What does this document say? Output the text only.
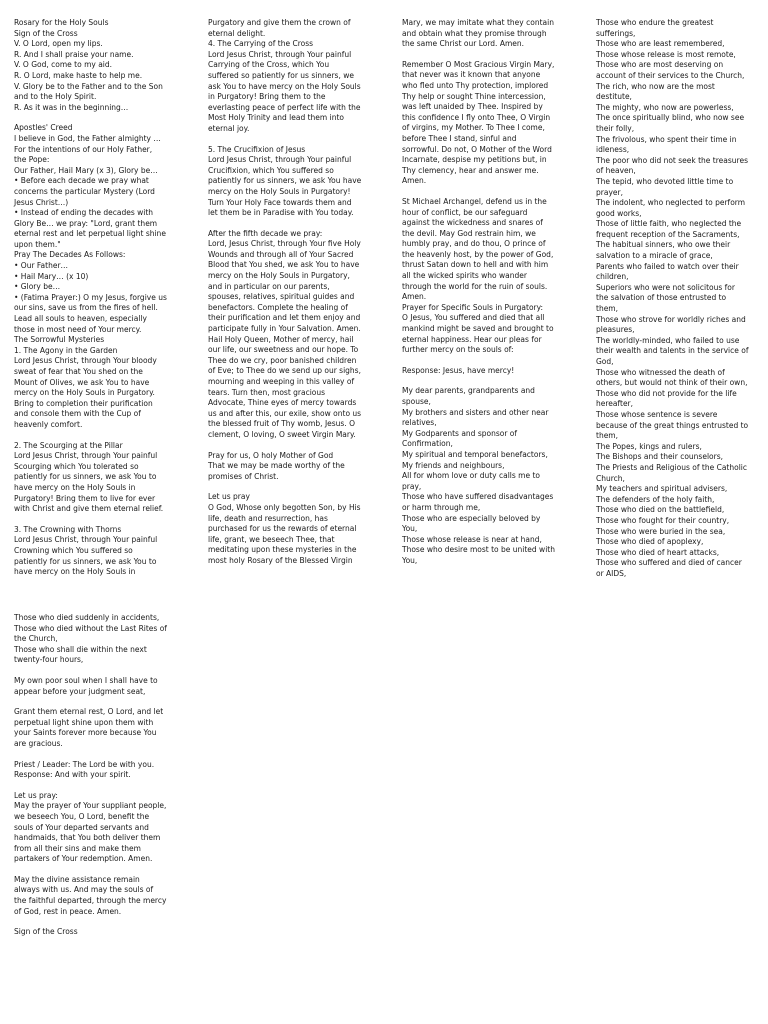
Rosary for the Holy Souls
Sign of the Cross
V. O Lord, open my lips.
R. And I shall praise your name.
V. O God, come to my aid.
R. O Lord, make haste to help me.
V. Glory be to the Father and to the Son
and to the Holy Spirit.
R. As it was in the beginning…

Apostles' Creed
I believe in God, the Father almighty …
For the intentions of our Holy Father,
the Pope:
Our Father, Hail Mary (x 3), Glory be…
• Before each decade we pray what
concerns the particular Mystery (Lord
Jesus Christ…)
• Instead of ending the decades with
Glory Be… we pray: "Lord, grant them
eternal rest and let perpetual light shine
upon them."
Pray The Decades As Follows:
• Our Father…
• Hail Mary… (x 10)
• Glory be…
• (Fatima Prayer:) O my Jesus, forgive us
our sins, save us from the fires of hell.
Lead all souls to heaven, especially
those in most need of Your mercy.
The Sorrowful Mysteries
1. The Agony in the Garden
Lord Jesus Christ, through Your bloody
sweat of fear that You shed on the
Mount of Olives, we ask You to have
mercy on the Holy Souls in Purgatory.
Bring to completion their purification
and console them with the Cup of
heavenly comfort.

2. The Scourging at the Pillar
Lord Jesus Christ, through Your painful
Scourging which You tolerated so
patiently for us sinners, we ask You to
have mercy on the Holy Souls in
Purgatory! Bring them to live for ever
with Christ and give them eternal relief.

3. The Crowning with Thorns
Lord Jesus Christ, through Your painful
Crowning which You suffered so
patiently for us sinners, we ask You to
have mercy on the Holy Souls in

Purgatory and give them the crown of
eternal delight.
4. The Carrying of the Cross
Lord Jesus Christ, through Your painful
Carrying of the Cross, which You
suffered so patiently for us sinners, we
ask You to have mercy on the Holy Souls
in Purgatory! Bring them to the
everlasting peace of perfect life with the
Most Holy Trinity and lead them into
eternal joy.

5. The Crucifixion of Jesus
Lord Jesus Christ, through Your painful
Crucifixion, which You suffered so
patiently for us sinners, we ask You have
mercy on the Holy Souls in Purgatory!
Turn Your Holy Face towards them and
let them be in Paradise with You today.

After the fifth decade we pray:
Lord, Jesus Christ, through Your five Holy
Wounds and through all of Your Sacred
Blood that You shed, we ask You to have
mercy on the Holy Souls in Purgatory,
and in particular on our parents,
spouses, relatives, spiritual guides and
benefactors. Complete the healing of
their purification and let them enjoy and
participate fully in Your Salvation. Amen.
Hail Holy Queen, Mother of mercy, hail
our life, our sweetness and our hope. To
Thee do we cry, poor banished children
of Eve; to Thee do we send up our sighs,
mourning and weeping in this valley of
tears. Turn then, most gracious
Advocate, Thine eyes of mercy towards
us and after this, our exile, show onto us
the blessed fruit of Thy womb, Jesus. O
clement, O loving, O sweet Virgin Mary.

Pray for us, O holy Mother of God
That we may be made worthy of the
promises of Christ.

Let us pray
O God, Whose only begotten Son, by His
life, death and resurrection, has
purchased for us the rewards of eternal
life, grant, we beseech Thee, that
meditating upon these mysteries in the
most holy Rosary of the Blessed Virgin

Mary, we may imitate what they contain
and obtain what they promise through
the same Christ our Lord. Amen.

Remember O Most Gracious Virgin Mary,
that never was it known that anyone
who fled unto Thy protection, implored
Thy help or sought Thine intercession,
was left unaided by Thee. Inspired by
this confidence I fly onto Thee, O Virgin
of virgins, my Mother. To Thee I come,
before Thee I stand, sinful and
sorrowful. Do not, O Mother of the Word
Incarnate, despise my petitions but, in
Thy clemency, hear and answer me.
Amen.

St Michael Archangel, defend us in the
hour of conflict, be our safeguard
against the wickedness and snares of
the devil. May God restrain him, we
humbly pray, and do thou, O prince of
the heavenly host, by the power of God,
thrust Satan down to hell and with him
all the wicked spirits who wander
through the world for the ruin of souls.
Amen.
Prayer for Specific Souls in Purgatory:
O Jesus, You suffered and died that all
mankind might be saved and brought to
eternal happiness. Hear our pleas for
further mercy on the souls of:

Response: Jesus, have mercy!

My dear parents, grandparents and
spouse,
My brothers and sisters and other near
relatives,
My Godparents and sponsor of
Confirmation,
My spiritual and temporal benefactors,
My friends and neighbours,
All for whom love or duty calls me to
pray,
Those who have suffered disadvantages
or harm through me,
Those who are especially beloved by
You,
Those whose release is near at hand,
Those who desire most to be united with
You,

Those who endure the greatest
sufferings,
Those who are least remembered,
Those whose release is most remote,
Those who are most deserving on
account of their services to the Church,
The rich, who now are the most
destitute,
The mighty, who now are powerless,
The once spiritually blind, who now see
their folly,
The frivolous, who spent their time in
idleness,
The poor who did not seek the treasures
of heaven,
The tepid, who devoted little time to
prayer,
The indolent, who neglected to perform
good works,
Those of little faith, who neglected the
frequent reception of the Sacraments,
The habitual sinners, who owe their
salvation to a miracle of grace,
Parents who failed to watch over their
children,
Superiors who were not solicitous for
the salvation of those entrusted to
them,
Those who strove for worldly riches and
pleasures,
The worldly-minded, who failed to use
their wealth and talents in the service of
God,
Those who witnessed the death of
others, but would not think of their own,
Those who did not provide for the life
hereafter,
Those whose sentence is severe
because of the great things entrusted to
them,
The Popes, kings and rulers,
The Bishops and their counselors,
The Priests and Religious of the Catholic
Church,
My teachers and spiritual advisers,
The defenders of the holy faith,
Those who died on the battlefield,
Those who fought for their country,
Those who were buried in the sea,
Those who died of apoplexy,
Those who died of heart attacks,
Those who suffered and died of cancer
or AIDS,

Those who died suddenly in accidents,
Those who died without the Last Rites of
the Church,
Those who shall die within the next
twenty-four hours,

My own poor soul when I shall have to
appear before your judgment seat,

Grant them eternal rest, O Lord, and let
perpetual light shine upon them with
your Saints forever more because You
are gracious.

Priest / Leader: The Lord be with you.
Response: And with your spirit.

Let us pray:
May the prayer of Your suppliant people,
we beseech You, O Lord, benefit the
souls of Your departed servants and
handmaids, that You both deliver them
from all their sins and make them
partakers of Your redemption. Amen.

May the divine assistance remain
always with us. And may the souls of
the faithful departed, through the mercy
of God, rest in peace. Amen.

Sign of the Cross
